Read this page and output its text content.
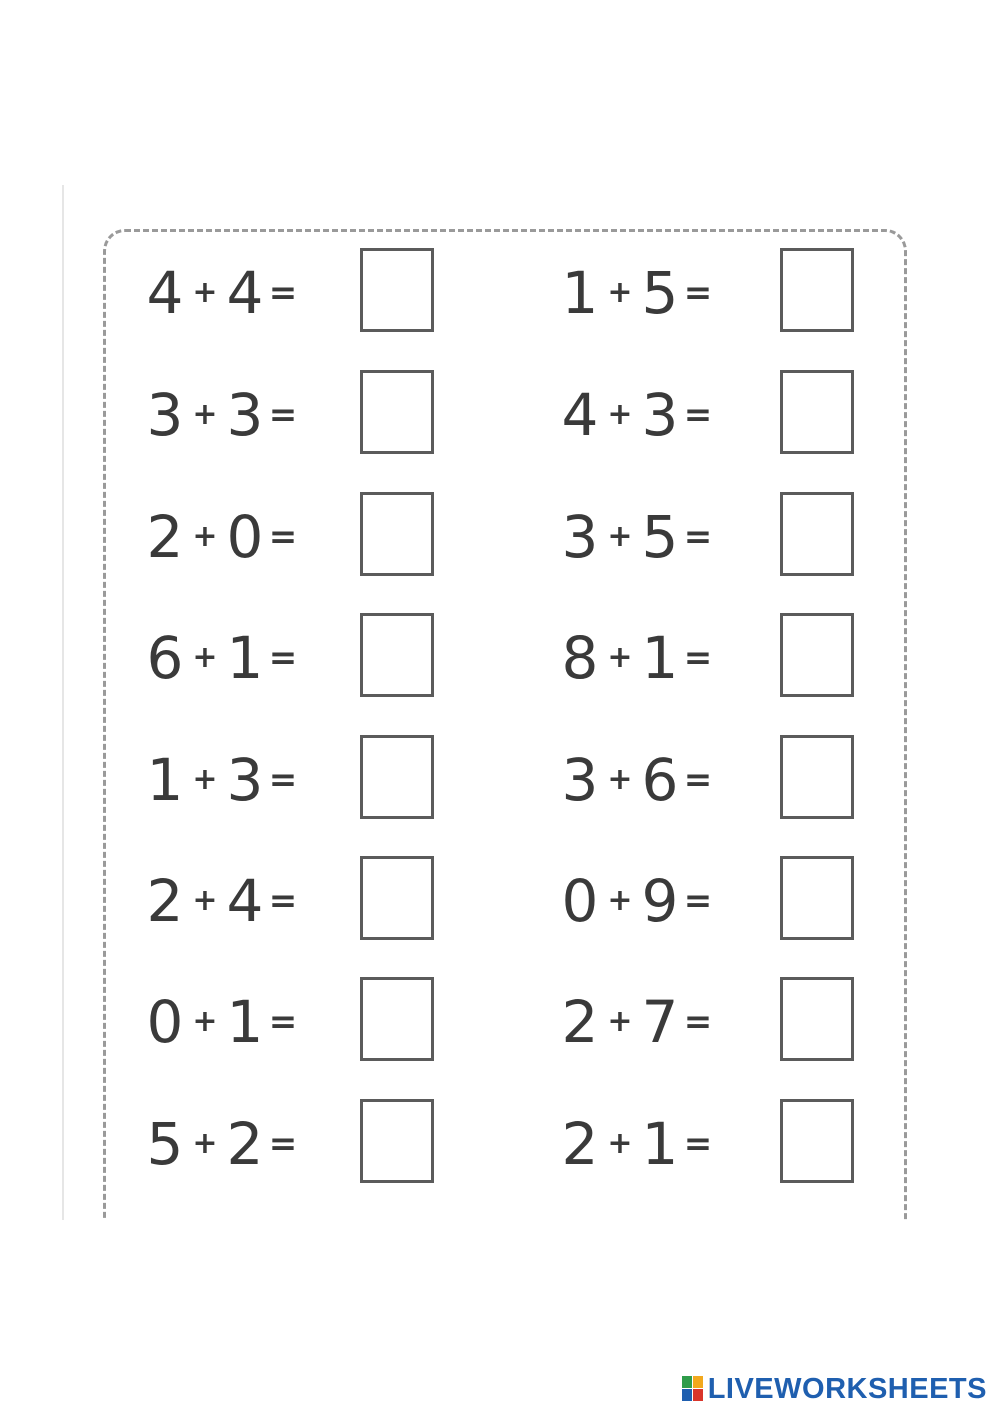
4 + 4 =
3 + 3 =
2 + 0 =
6 + 1 =
1 + 3 =
2 + 4 =
0 + 1 =
5 + 2 =
1 + 5 =
4 + 3 =
3 + 5 =
8 + 1 =
3 + 6 =
0 + 9 =
2 + 7 =
2 + 1 =
LIVEWORKSHEETS
